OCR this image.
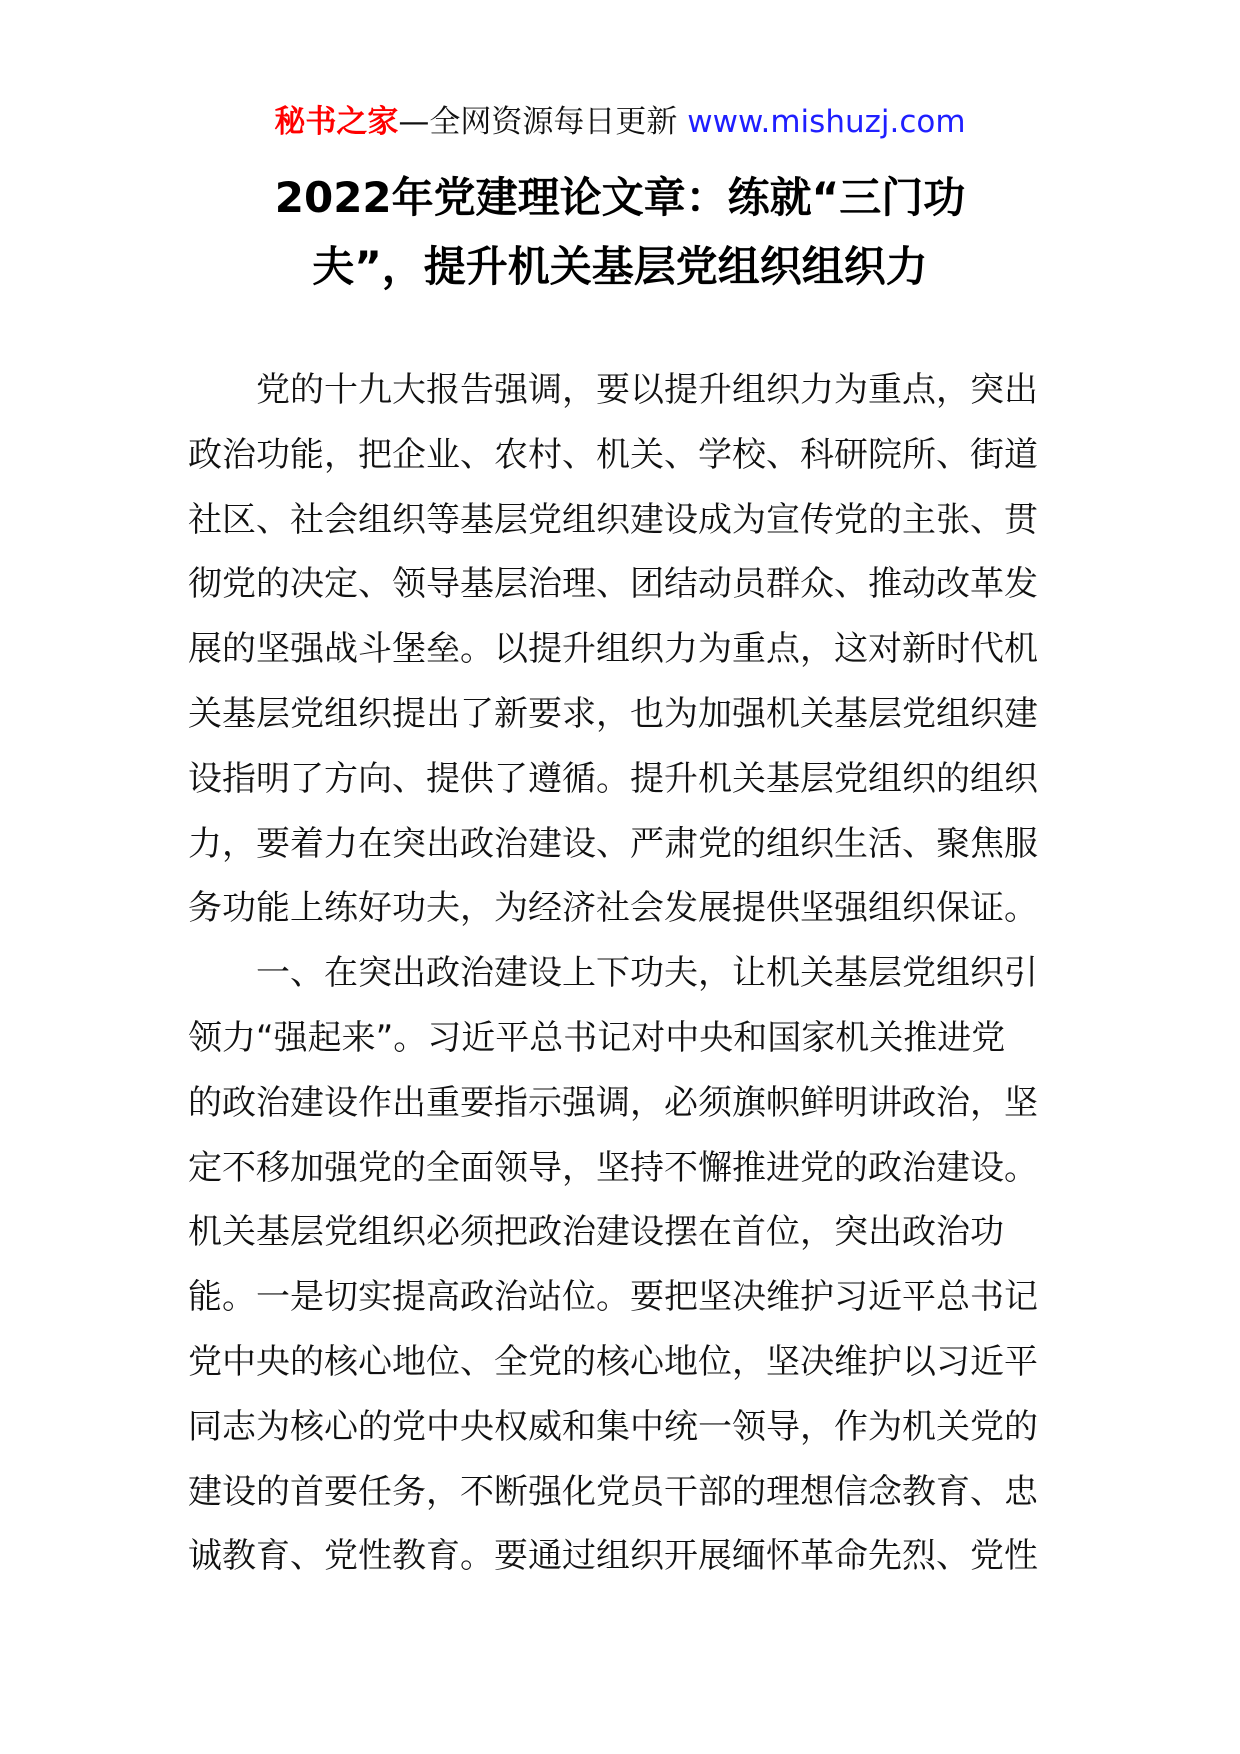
秘书之家—全网资源每日更新 www.mishuzj.com
2022年党建理论文章：练就“三门功
夫”，提升机关基层党组织组织力
党的十九大报告强调，要以提升组织力为重点，突出
政治功能，把企业、农村、机关、学校、科研院所、街道
社区、社会组织等基层党组织建设成为宣传党的主张、贯
彻党的决定、领导基层治理、团结动员群众、推动改革发
展的坚强战斗堡垒。以提升组织力为重点，这对新时代机
关基层党组织提出了新要求，也为加强机关基层党组织建
设指明了方向、提供了遵循。提升机关基层党组织的组织
力，要着力在突出政治建设、严肃党的组织生活、聚焦服
务功能上练好功夫，为经济社会发展提供坚强组织保证。
一、在突出政治建设上下功夫，让机关基层党组织引
领力“强起来”。习近平总书记对中央和国家机关推进党
的政治建设作出重要指示强调，必须旗帜鲜明讲政治，坚
定不移加强党的全面领导，坚持不懈推进党的政治建设。
机关基层党组织必须把政治建设摆在首位，突出政治功
能。一是切实提高政治站位。要把坚决维护习近平总书记
党中央的核心地位、全党的核心地位，坚决维护以习近平
同志为核心的党中央权威和集中统一领导，作为机关党的
建设的首要任务，不断强化党员干部的理想信念教育、忠
诚教育、党性教育。要通过组织开展缅怀革命先烈、党性
